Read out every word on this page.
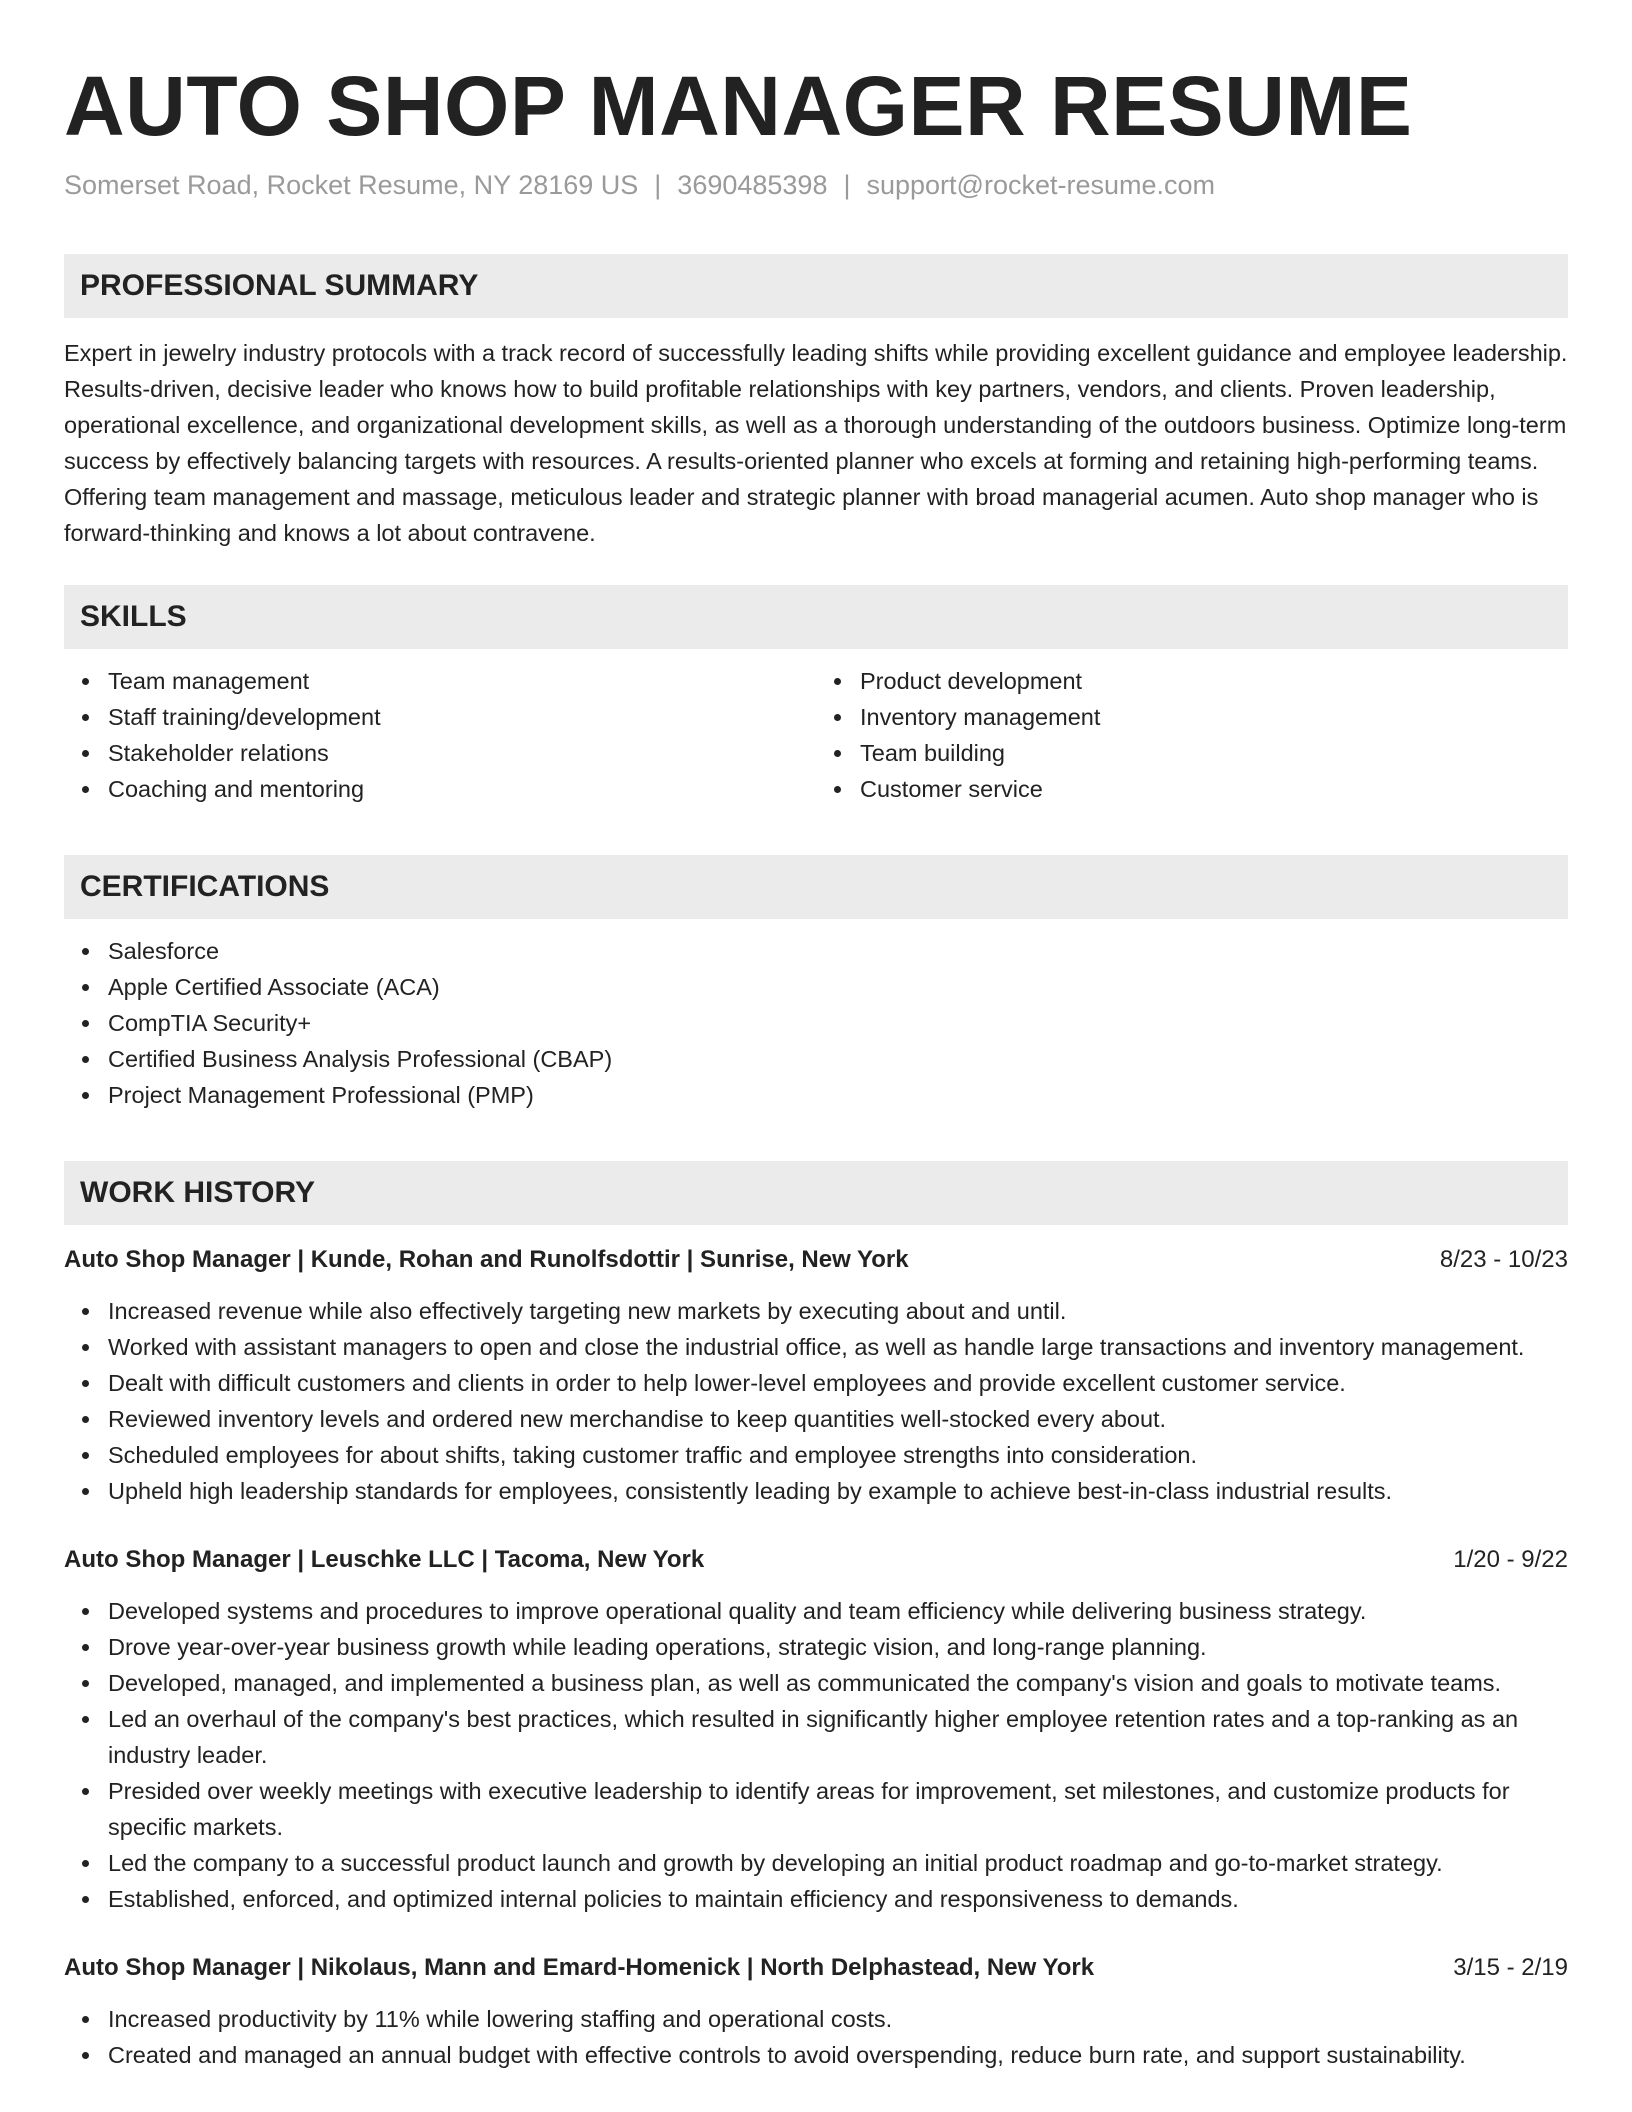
AUTO SHOP MANAGER RESUME
Somerset Road, Rocket Resume, NY 28169 US | 3690485398 | support@rocket-resume.com
PROFESSIONAL SUMMARY
Expert in jewelry industry protocols with a track record of successfully leading shifts while providing excellent guidance and employee leadership. Results-driven, decisive leader who knows how to build profitable relationships with key partners, vendors, and clients. Proven leadership, operational excellence, and organizational development skills, as well as a thorough understanding of the outdoors business. Optimize long-term success by effectively balancing targets with resources. A results-oriented planner who excels at forming and retaining high-performing teams. Offering team management and massage, meticulous leader and strategic planner with broad managerial acumen. Auto shop manager who is forward-thinking and knows a lot about contravene.
SKILLS
Team management
Staff training/development
Stakeholder relations
Coaching and mentoring
Product development
Inventory management
Team building
Customer service
CERTIFICATIONS
Salesforce
Apple Certified Associate (ACA)
CompTIA Security+
Certified Business Analysis Professional (CBAP)
Project Management Professional (PMP)
WORK HISTORY
Auto Shop Manager | Kunde, Rohan and Runolfsdottir | Sunrise, New York	8/23 - 10/23
Increased revenue while also effectively targeting new markets by executing about and until.
Worked with assistant managers to open and close the industrial office, as well as handle large transactions and inventory management.
Dealt with difficult customers and clients in order to help lower-level employees and provide excellent customer service.
Reviewed inventory levels and ordered new merchandise to keep quantities well-stocked every about.
Scheduled employees for about shifts, taking customer traffic and employee strengths into consideration.
Upheld high leadership standards for employees, consistently leading by example to achieve best-in-class industrial results.
Auto Shop Manager | Leuschke LLC | Tacoma, New York	1/20 - 9/22
Developed systems and procedures to improve operational quality and team efficiency while delivering business strategy.
Drove year-over-year business growth while leading operations, strategic vision, and long-range planning.
Developed, managed, and implemented a business plan, as well as communicated the company's vision and goals to motivate teams.
Led an overhaul of the company's best practices, which resulted in significantly higher employee retention rates and a top-ranking as an industry leader.
Presided over weekly meetings with executive leadership to identify areas for improvement, set milestones, and customize products for specific markets.
Led the company to a successful product launch and growth by developing an initial product roadmap and go-to-market strategy.
Established, enforced, and optimized internal policies to maintain efficiency and responsiveness to demands.
Auto Shop Manager | Nikolaus, Mann and Emard-Homenick | North Delphastead, New York	3/15 - 2/19
Increased productivity by 11% while lowering staffing and operational costs.
Created and managed an annual budget with effective controls to avoid overspending, reduce burn rate, and support sustainability.
